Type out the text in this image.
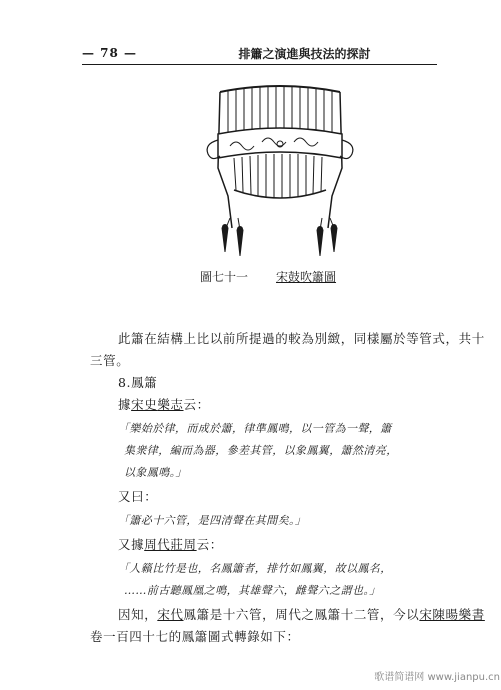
— 78 —	排簫之演進與技法的探討
圖七十一 宋鼓吹簫圖
此簫在結構上比以前所提過的較為別緻，同樣屬於等管式，共十
三管。
8.鳳簫
據宋史樂志云：
「樂始於律，而成於簫，律準鳳鳴，以一管為一聲，簫
集衆律，編而為器，參差其管，以象鳳翼，簫然清亮，
以象鳳鳴。」
又曰：
「簫必十六管，是四清聲在其間矣。」
又據周代莊周云：
「人籟比竹是也，名鳳簫者，排竹如鳳翼，故以鳳名，
……前古聽鳳凰之鳴，其雄聲六，雌聲六之謂也。」
因知，宋代鳳簫是十六管，周代之鳳簫十二管，今以宋陳暘樂書
卷一百四十七的鳳簫圖式轉錄如下：
歌谱简谱网 www.jianpu.cn
